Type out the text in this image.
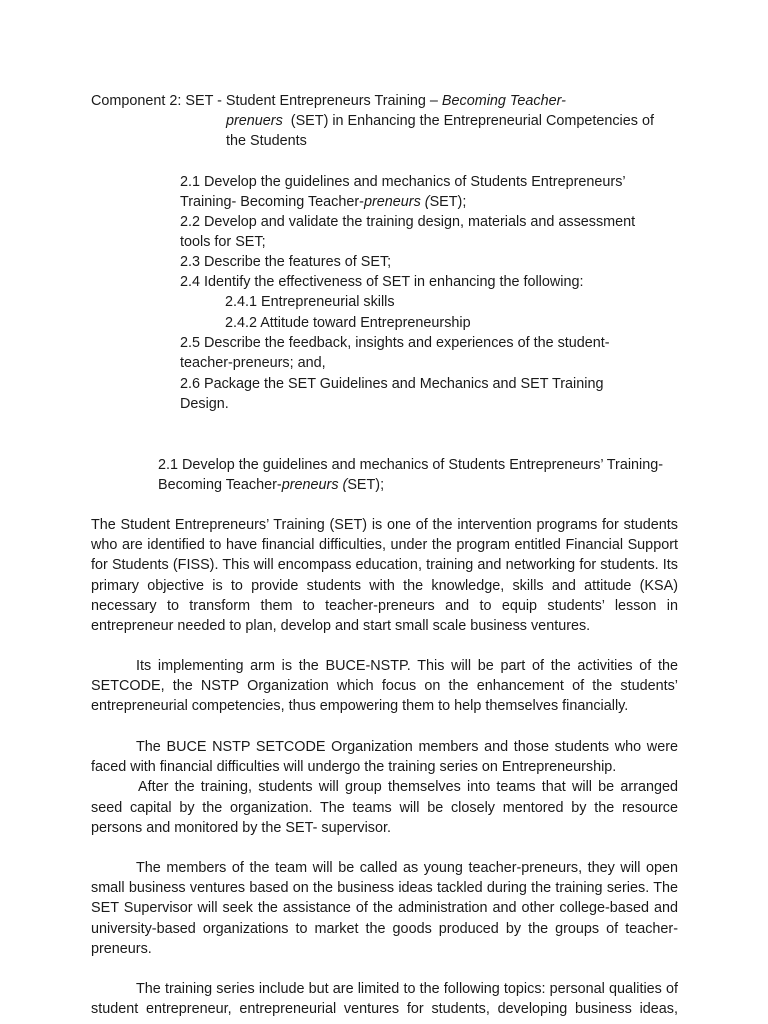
Component 2: SET - Student Entrepreneurs Training – Becoming Teacher-
prenuers  (SET) in Enhancing the Entrepreneurial Competencies of
the Students
2.1 Develop the guidelines and mechanics of Students Entrepreneurs’
Training- Becoming Teacher-preneurs (SET);
2.2 Develop and validate the training design, materials and assessment
tools for SET;
2.3 Describe the features of SET;
2.4 Identify the effectiveness of SET in enhancing the following:
2.4.1 Entrepreneurial skills
2.4.2 Attitude toward Entrepreneurship
2.5 Describe the feedback, insights and experiences of the student-
teacher-preneurs; and,
2.6 Package the SET Guidelines and Mechanics and SET Training
Design.
2.1 Develop the guidelines and mechanics of Students Entrepreneurs’ Training-
Becoming Teacher-preneurs (SET);
The Student Entrepreneurs’ Training (SET) is one of the intervention programs for students
who are identified to have financial difficulties, under the program entitled Financial Support
for Students (FISS). This will encompass education, training and networking for students. Its
primary objective is to provide students with the knowledge, skills and attitude (KSA)
necessary to transform them to teacher-preneurs and to equip students’ lesson in
entrepreneur needed to plan, develop and start small scale business ventures.
Its implementing arm is the BUCE-NSTP. This will be part of the activities of the
SETCODE, the NSTP Organization which focus on the enhancement of the students’
entrepreneurial competencies, thus empowering them to help themselves financially.
The BUCE NSTP SETCODE Organization members and those students who were
faced with financial difficulties will undergo the training series on Entrepreneurship.
After the training, students will group themselves into teams that will be arranged
seed capital by the organization. The teams will be closely mentored by the resource
persons and monitored by the SET- supervisor.
The members of the team will be called as young teacher-preneurs, they will open
small business ventures based on the business ideas tackled during the training series. The
SET Supervisor will seek the assistance of the administration and other college-based and
university-based organizations to market the goods produced by the groups of teacher-
preneurs.
The training series include but are limited to the following topics: personal qualities of
student entrepreneur, entrepreneurial ventures for students, developing business ideas,
